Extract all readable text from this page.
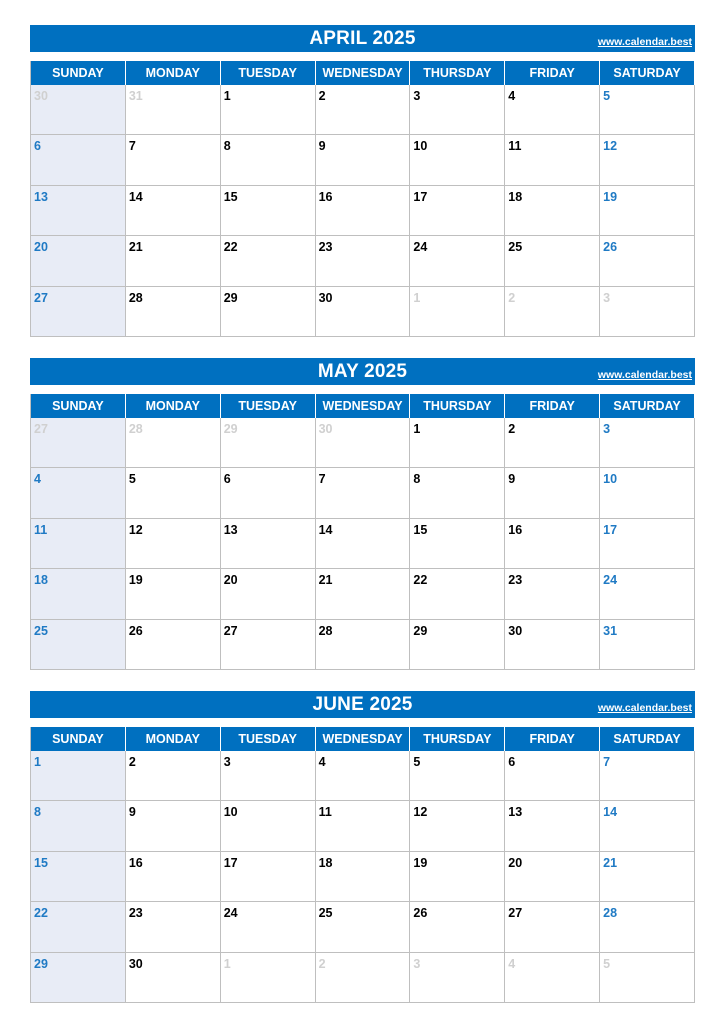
APRIL 2025	www.calendar.best
SUNDAY	MONDAY	TUESDAY	WEDNESDAY	THURSDAY	FRIDAY	SATURDAY
30	31	1	2	3	4	5
6	7	8	9	10	11	12
13	14	15	16	17	18	19
20	21	22	23	24	25	26
27	28	29	30	1	2	3
MAY 2025	www.calendar.best
SUNDAY	MONDAY	TUESDAY	WEDNESDAY	THURSDAY	FRIDAY	SATURDAY
27	28	29	30	1	2	3
4	5	6	7	8	9	10
11	12	13	14	15	16	17
18	19	20	21	22	23	24
25	26	27	28	29	30	31
JUNE 2025	www.calendar.best
SUNDAY	MONDAY	TUESDAY	WEDNESDAY	THURSDAY	FRIDAY	SATURDAY
1	2	3	4	5	6	7
8	9	10	11	12	13	14
15	16	17	18	19	20	21
22	23	24	25	26	27	28
29	30	1	2	3	4	5
